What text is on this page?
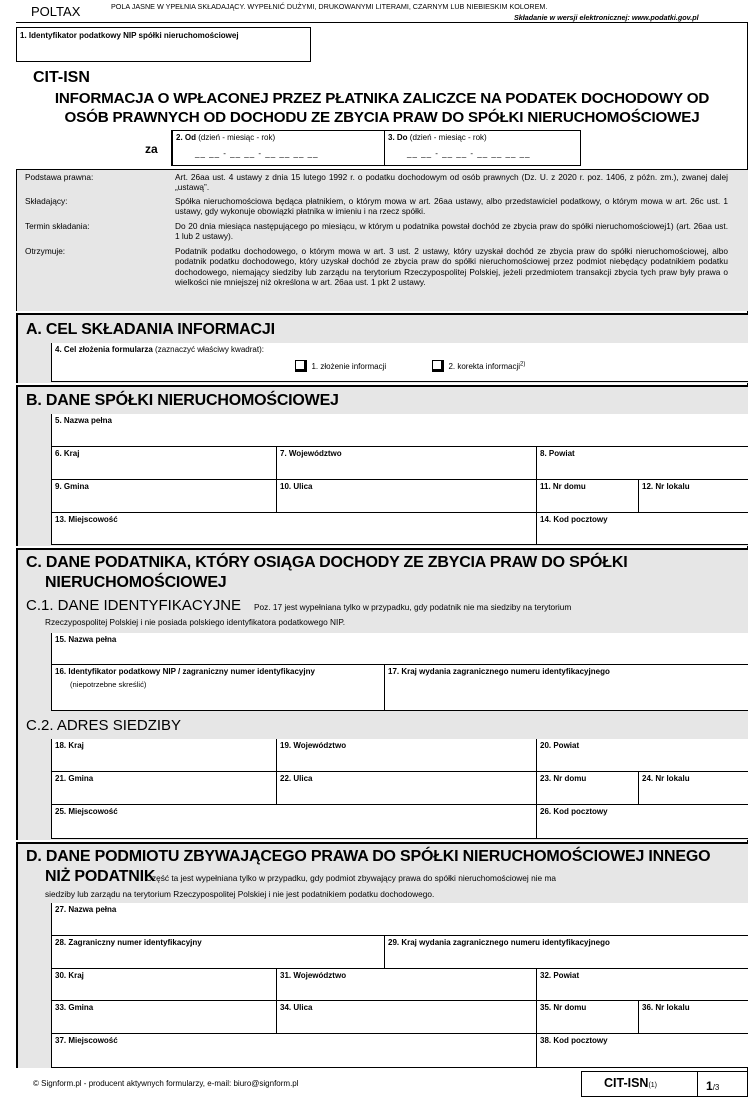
POLTAX	POLA JASNE W YPEŁNIA SKŁADAJĄCY. WYPEŁNIĆ DUŻYMI, DRUKOWANYMI LITERAMI, CZARNYM LUB NIEBIESKIM KOLOREM.
Składanie w wersji elektronicznej: www.podatki.gov.pl
1. Identyfikator podatkowy NIP spółki nieruchomościowej
CIT-ISN
INFORMACJA O WPŁACONEJ PRZEZ PŁATNIKA ZALICZCE NA PODATEK DOCHODOWY OD
OSÓB PRAWNYCH OD DOCHODU ZE ZBYCIA PRAW DO SPÓŁKI NIERUCHOMOŚCIOWEJ
za
2. Od (dzień - miesiąc - rok)
__ __ - __ __ - __ __ __ __
3. Do (dzień - miesiąc - rok)
__ __ - __ __ - __ __ __ __
Podstawa prawna:	Art. 26aa ust. 4 ustawy z dnia 15 lutego 1992 r. o podatku dochodowym od osób prawnych (Dz. U. z 2020 r. poz. 1406, z późn. zm.), zwanej dalej „ustawą”.
Składający:	Spółka nieruchomościowa będąca płatnikiem, o którym mowa w art. 26aa ustawy, albo przedstawiciel podatkowy, o którym mowa w art. 26c ust. 1 ustawy, gdy wykonuje obowiązki płatnika w imieniu i na rzecz spółki.
Termin składania:	Do 20 dnia miesiąca następującego po miesiącu, w którym u podatnika powstał dochód ze zbycia praw do spółki nieruchomościowej1) (art. 26aa ust. 1 lub 2 ustawy).
Otrzymuje:	Podatnik podatku dochodowego, o którym mowa w art. 3 ust. 2 ustawy, który uzyskał dochód ze zbycia praw do spółki nieruchomościowej, albo podatnik podatku dochodowego, który uzyskał dochód ze zbycia praw do spółki nieruchomościowej przez podmiot niebędący podatnikiem podatku dochodowego, niemający siedziby lub zarządu na terytorium Rzeczypospolitej Polskiej, jeżeli przedmiotem transakcji zbycia tych praw były prawa o wielkości nie mniejszej niż określona w art. 26aa ust. 1 pkt 2 ustawy.
A. CEL SKŁADANIA INFORMACJI
4. Cel złożenia formularza (zaznaczyć właściwy kwadrat):
1. złożenie informacji	2. korekta informacji$^{2)}$
B. DANE SPÓŁKI NIERUCHOMOŚCIOWEJ
5. Nazwa pełna
6. Kraj	7. Województwo	8. Powiat
9. Gmina	10. Ulica	11. Nr domu	12. Nr lokalu
13. Miejscowość	14. Kod pocztowy
C. DANE PODATNIKA, KTÓRY OSIĄGA DOCHODY ZE ZBYCIA PRAW DO SPÓŁKI
NIERUCHOMOŚCIOWEJ
C.1. DANE IDENTYFIKACYJNE Poz. 17 jest wypełniana tylko w przypadku, gdy podatnik nie ma siedziby na terytorium
Rzeczypospolitej Polskiej i nie posiada polskiego identyfikatora podatkowego NIP.
15. Nazwa pełna
16. Identyfikator podatkowy NIP / zagraniczny numer identyfikacyjny
(niepotrzebne skreślić)
17. Kraj wydania zagranicznego numeru identyfikacyjnego
C.2. ADRES SIEDZIBY
18. Kraj	19. Województwo	20. Powiat
21. Gmina	22. Ulica	23. Nr domu	24. Nr lokalu
25. Miejscowość	26. Kod pocztowy
D. DANE PODMIOTU ZBYWAJĄCEGO PRAWA DO SPÓŁKI NIERUCHOMOŚCIOWEJ INNEGO
NIŻ PODATNIK
Część ta jest wypełniana tylko w przypadku, gdy podmiot zbywający prawa do spółki nieruchomościowej nie ma
siedziby lub zarządu na terytorium Rzeczypospolitej Polskiej i nie jest podatnikiem podatku dochodowego.
27. Nazwa pełna
28. Zagraniczny numer identyfikacyjny	29. Kraj wydania zagranicznego numeru identyfikacyjnego
30. Kraj	31. Województwo	32. Powiat
33. Gmina	34. Ulica	35. Nr domu	36. Nr lokalu
37. Miejscowość	38. Kod pocztowy
© Signform.pl - producent aktywnych formularzy, e-mail: biuro@signform.pl	CIT-ISN(1)	1/3
